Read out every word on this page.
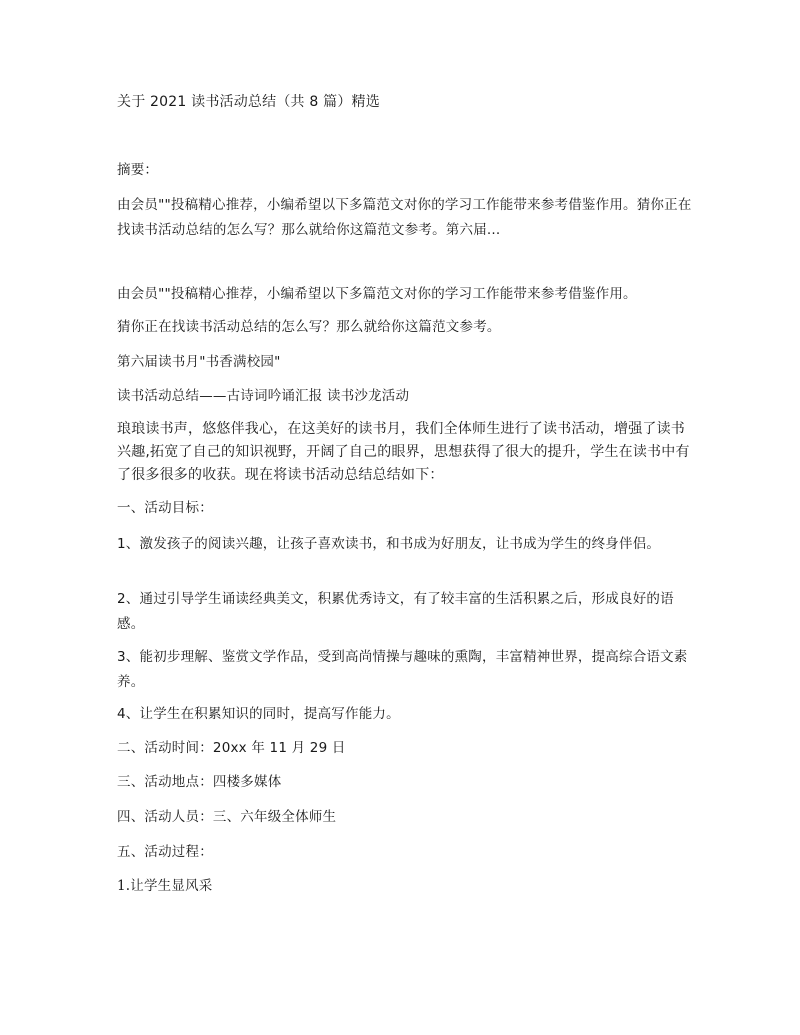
关于 2021 读书活动总结（共 8 篇）精选
摘要：
由会员""投稿精心推荐，小编希望以下多篇范文对你的学习工作能带来参考借鉴作用。猜你正在找读书活动总结的怎么写？那么就给你这篇范文参考。第六届...
由会员""投稿精心推荐，小编希望以下多篇范文对你的学习工作能带来参考借鉴作用。
猜你正在找读书活动总结的怎么写？那么就给你这篇范文参考。
第六届读书月"书香满校园"
读书活动总结——古诗词吟诵汇报 读书沙龙活动
琅琅读书声，悠悠伴我心，在这美好的读书月，我们全体师生进行了读书活动，增强了读书兴趣,拓宽了自己的知识视野，开阔了自己的眼界，思想获得了很大的提升，学生在读书中有了很多很多的收获。现在将读书活动总结总结如下：
一、活动目标：
1、激发孩子的阅读兴趣，让孩子喜欢读书，和书成为好朋友，让书成为学生的终身伴侣。
2、通过引导学生诵读经典美文，积累优秀诗文，有了较丰富的生活积累之后，形成良好的语感。
3、能初步理解、鉴赏文学作品，受到高尚情操与趣味的熏陶，丰富精神世界，提高综合语文素养。
4、让学生在积累知识的同时，提高写作能力。
二、活动时间：20xx 年 11 月 29 日
三、活动地点：四楼多媒体
四、活动人员：三、六年级全体师生
五、活动过程：
1.让学生显风采
